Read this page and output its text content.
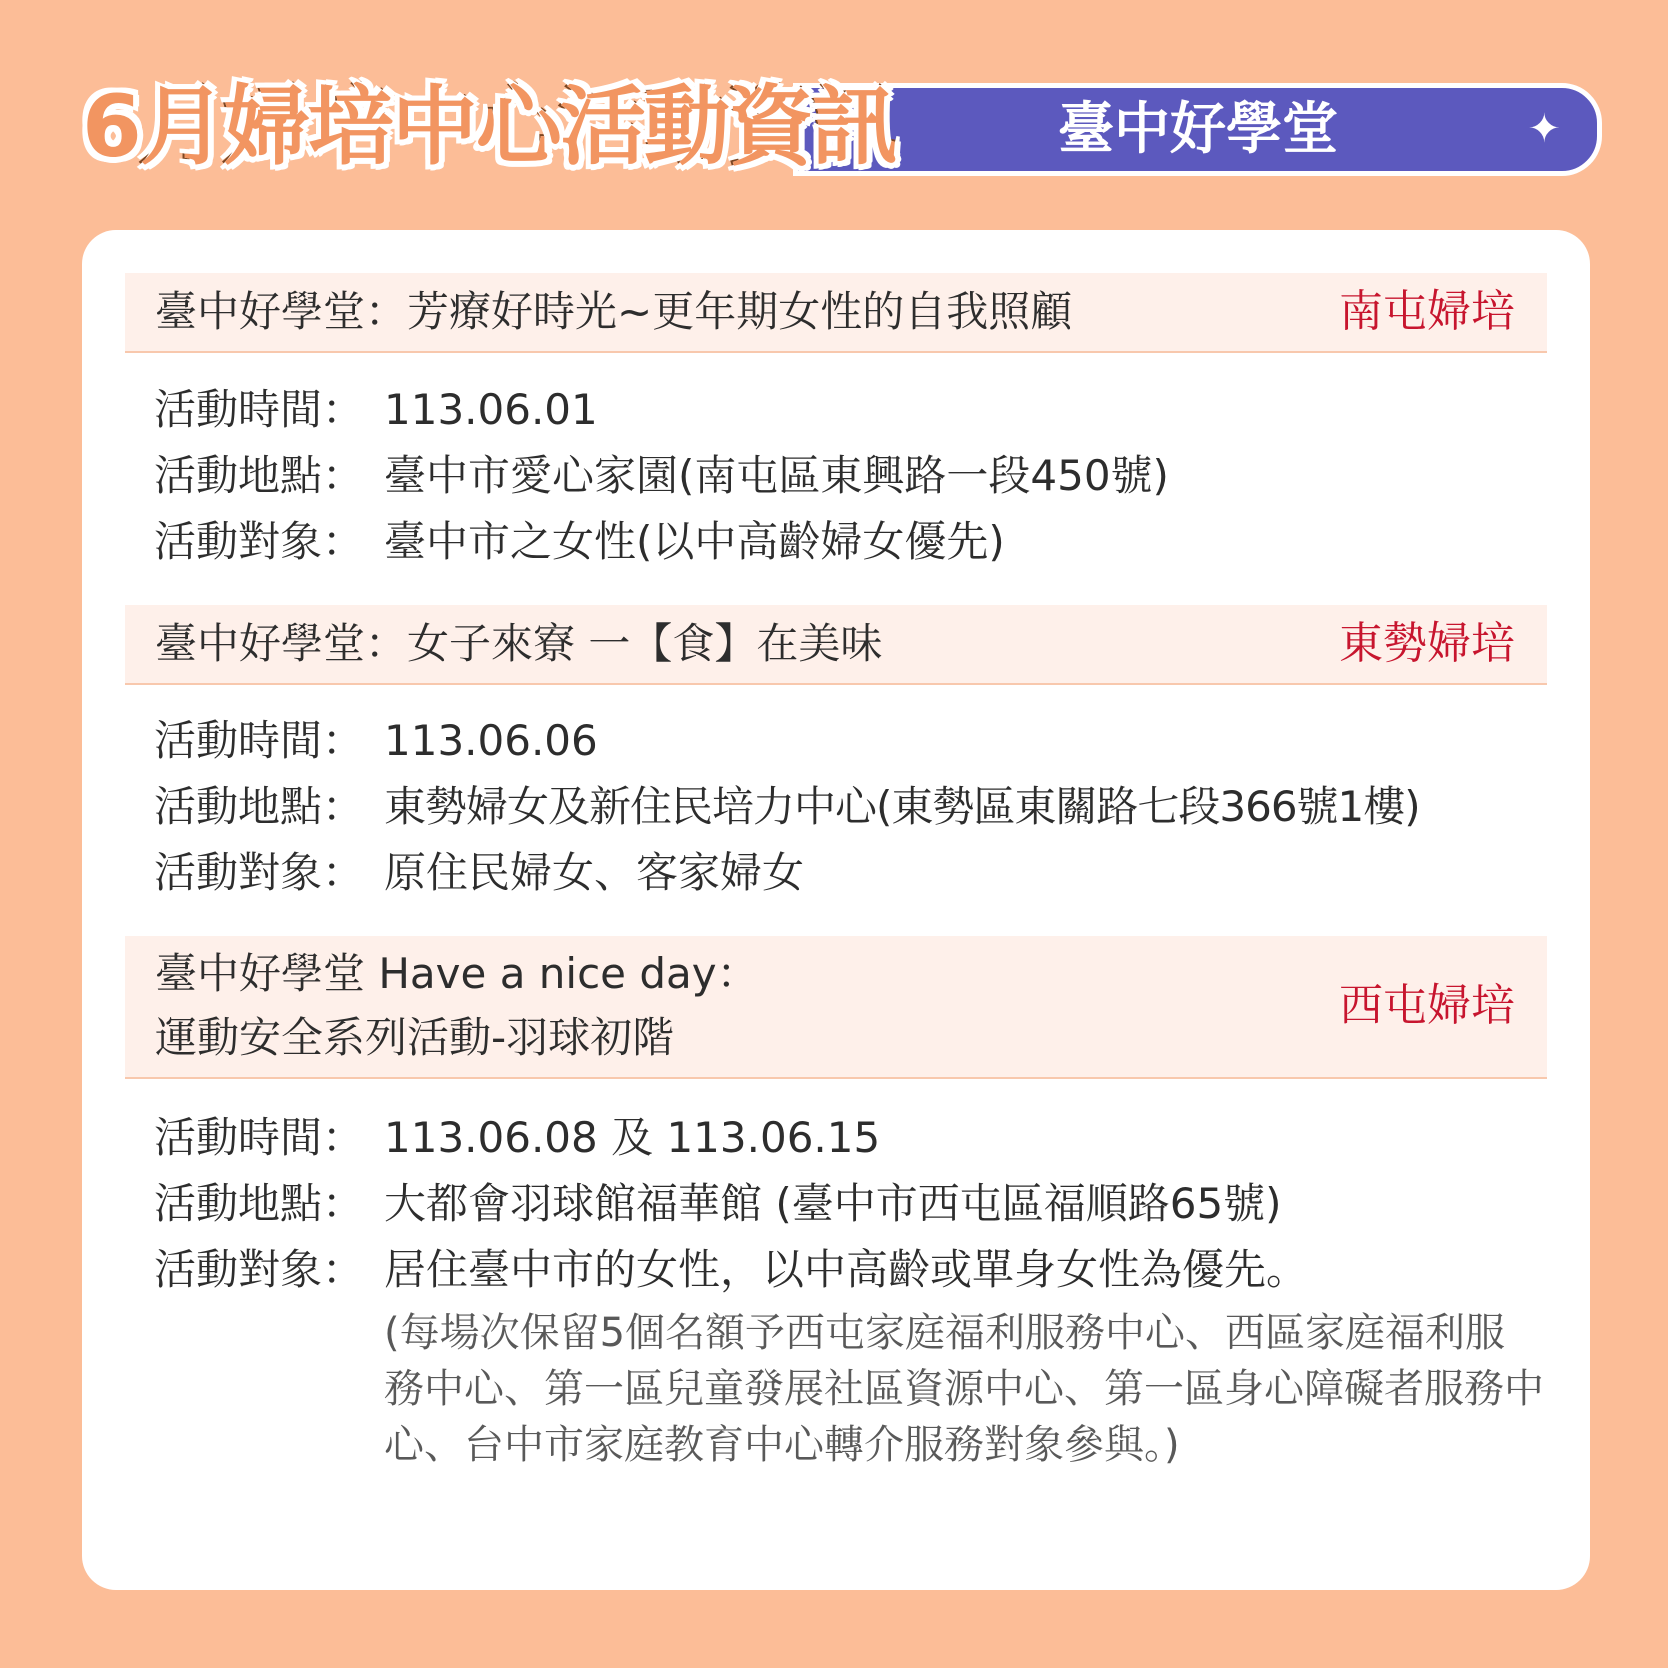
臺中好學堂	✦
6月婦培中心活動資訊
臺中好學堂：芳療好時光~更年期女性的自我照顧	南屯婦培
活動時間： 113.06.01
活動地點： 臺中市愛心家園(南屯區東興路一段450號)
活動對象： 臺中市之女性(以中高齡婦女優先)
臺中好學堂：女子來寮 一【食】在美味	東勢婦培
活動時間： 113.06.06
活動地點： 東勢婦女及新住民培力中心(東勢區東關路七段366號1樓)
活動對象： 原住民婦女、客家婦女
臺中好學堂 Have a nice day：
運動安全系列活動-羽球初階
西屯婦培
活動時間： 113.06.08 及 113.06.15
活動地點： 大都會羽球館福華館 (臺中市西屯區福順路65號)
活動對象： 居住臺中市的女性，以中高齡或單身女性為優先。
(每場次保留5個名額予西屯家庭福利服務中心、西區家庭福利服務中心、第一區兒童發展社區資源中心、第一區身心障礙者服務中心、台中市家庭教育中心轉介服務對象參與。)
